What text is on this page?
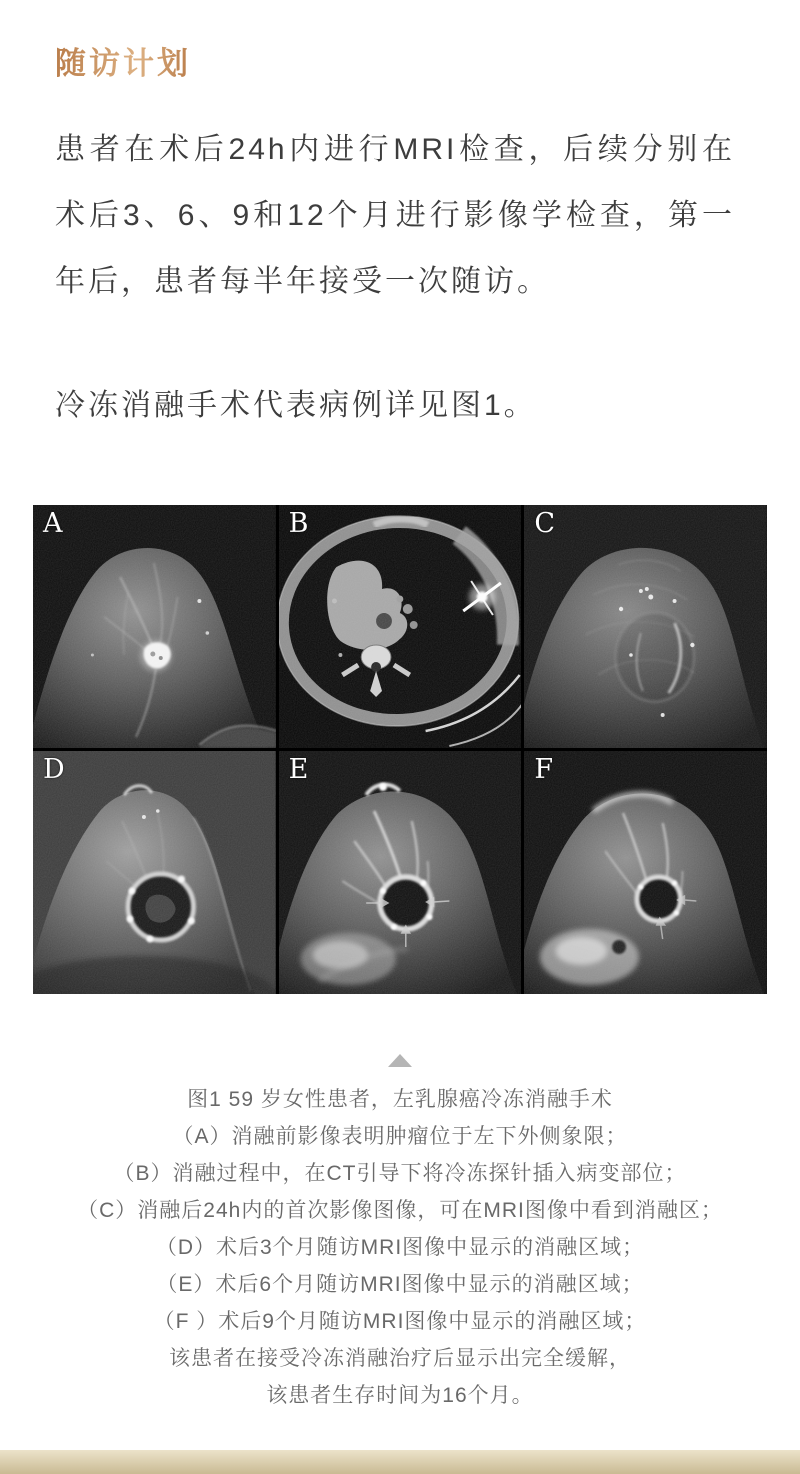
随访计划

患者在术后24h内进行MRI检查，后续分别在术后3、6、9和12个月进行影像学检查，第一年后，患者每半年接受一次随访。

冷冻消融手术代表病例详见图1。

A	B	C
D	E	F
图1 59 岁女性患者，左乳腺癌冷冻消融手术
（A）消融前影像表明肿瘤位于左下外侧象限；
（B）消融过程中，在CT引导下将冷冻探针插入病变部位；
（C）消融后24h内的首次影像图像，可在MRI图像中看到消融区；
（D）术后3个月随访MRI图像中显示的消融区域；
（E）术后6个月随访MRI图像中显示的消融区域；
（F ）术后9个月随访MRI图像中显示的消融区域；
该患者在接受冷冻消融治疗后显示出完全缓解，
该患者生存时间为16个月。
